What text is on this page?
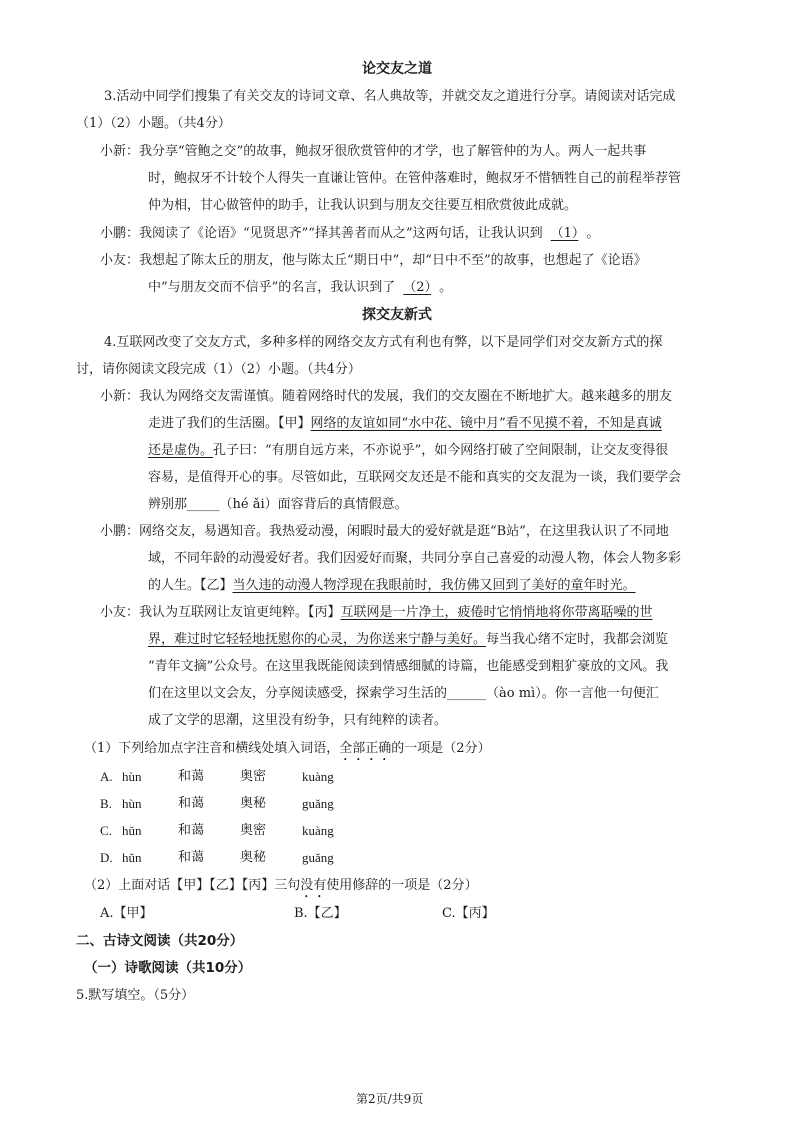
论交友之道
3.活动中同学们搜集了有关交友的诗词文章、名人典故等，并就交友之道进行分享。请阅读对话完成
（1）（2）小题。（共4分）
小新：我分享“管鲍之交”的故事，鲍叔牙很欣赏管仲的才学，也了解管仲的为人。两人一起共事
时，鲍叔牙不计较个人得失一直谦让管仲。在管仲落难时，鲍叔牙不惜牺牲自己的前程举荐管
仲为相，甘心做管仲的助手，让我认识到与朋友交往要互相欣赏彼此成就。
小鹏：我阅读了《论语》“见贤思齐”“择其善者而从之”这两句话，让我认识到 （1） 。
小友：我想起了陈太丘的朋友，他与陈太丘“期日中”，却“日中不至”的故事，也想起了《论语》
中“与朋友交而不信乎”的名言，我认识到了 （2） 。
探交友新式
4.互联网改变了交友方式，多种多样的网络交友方式有利也有弊，以下是同学们对交友新方式的探
讨，请你阅读文段完成（1）（2）小题。（共4分）
小新：我认为网络交友需谨慎。随着网络时代的发展，我们的交友圈在不断地扩大。越来越多的朋友
走进了我们的生活圈。【甲】网络的友谊如同“水中花、镜中月”看不见摸不着，不知是真诚
还是虚伪。孔子曰：“有朋自远方来，不亦说乎”，如今网络打破了空间限制，让交友变得很
容易，是值得开心的事。尽管如此，互联网交友还是不能和真实的交友混为一谈，我们要学会
辨别那_____（hé ǎi）面容背后的真情假意。
小鹏：网络交友，易遇知音。我热爱动漫，闲暇时最大的爱好就是逛“B站”，在这里我认识了不同地
域，不同年龄的动漫爱好者。我们因爱好而聚，共同分享自己喜爱的动漫人物，体会人物多彩
的人生。【乙】当久违的动漫人物浮现在我眼前时，我仿佛又回到了美好的童年时光。
小友：我认为互联网让友谊更纯粹。【丙】互联网是一片净土，疲倦时它悄悄地将你带离聒噪的世
界，难过时它轻轻地抚慰你的心灵，为你送来宁静与美好。每当我心绪不定时，我都会浏览
“青年文摘”公众号。在这里我既能阅读到情感细腻的诗篇，也能感受到粗犷豪放的文风。我
们在这里以文会友，分享阅读感受，探索学习生活的______（ào mì）。你一言他一句便汇
成了文学的思潮，这里没有纷争，只有纯粹的读者。
（1）下列给加点字注音和横线处填入词语，全部正确的一项是（2分）
A. hùn	和蔼	奥密	kuàng
B. hùn	和蔼	奥秘	guǎng
C. hǔn	和蔼	奥密	kuàng
D. hǔn	和蔼	奥秘	guǎng
（2）上面对话【甲】【乙】【丙】三句没有使用修辞的一项是（2分）
A.【甲】	B.【乙】	C.【丙】
二、古诗文阅读（共20分）
（一）诗歌阅读（共10分）
5.默写填空。（5分）
第2页/共9页
